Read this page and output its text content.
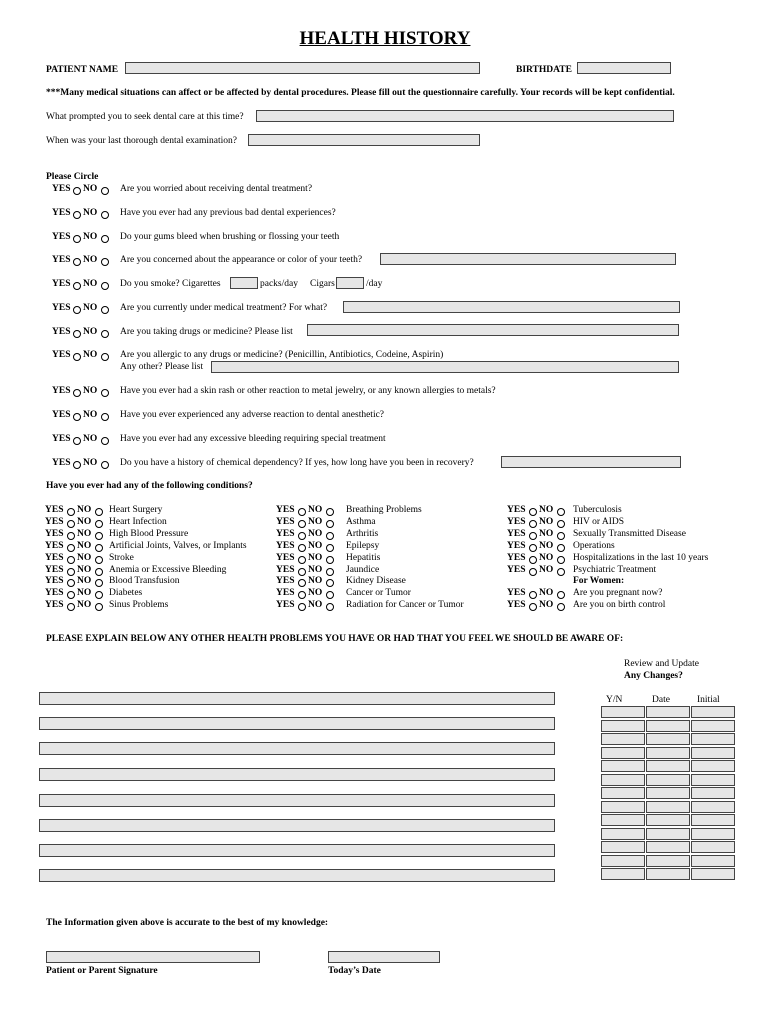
HEALTH HISTORY
PATIENT NAME	BIRTHDATE
***Many medical situations can affect or be affected by dental procedures. Please fill out the questionnaire carefully. Your records will be kept confidential.
What prompted you to seek dental care at this time?
When was your last thorough dental examination?
Please Circle
YES NO Are you worried about receiving dental treatment?
YES NO Have you ever had any previous bad dental experiences?
YES NO Do your gums bleed when brushing or flossing your teeth
YES NO Are you concerned about the appearance or color of your teeth?
YES NO Do you smoke? Cigarettes	packs/day Cigars	/day
YES NO Are you currently under medical treatment? For what?
YES NO Are you taking drugs or medicine? Please list
YES NO Are you allergic to any drugs or medicine? (Penicillin, Antibiotics, Codeine, Aspirin)
YES NO Have you ever had a skin rash or other reaction to metal jewelry, or any known allergies to metals?
YES NO Have you ever experienced any adverse reaction to dental anesthetic?
YES NO Have you ever had any excessive bleeding requiring special treatment
YES NO Do you have a history of chemical dependency? If yes, how long have you been in recovery?
Any other? Please list
Have you ever had any of the following conditions?
YES NO Heart Surgery
YES NO Heart Infection
YES NO High Blood Pressure
YES NO Artificial Joints, Valves, or Implants
YES NO Stroke
YES NO Anemia or Excessive Bleeding
YES NO Blood Transfusion
YES NO Diabetes
YES NO Sinus Problems
YES NO	Breathing Problems
YES NO	Asthma
YES NO	Arthritis
YES NO	Epilepsy
YES NO	Hepatitis
YES NO	Jaundice
YES NO	Kidney Disease
YES NO	Cancer or Tumor
YES NO	Radiation for Cancer or Tumor
YES NO Tuberculosis
YES NO HIV or AIDS
YES NO Sexually Transmitted Disease
YES NO Operations
YES NO Hospitalizations in the last 10 years
YES NO Psychiatric Treatment
For Women:
YES NO Are you pregnant now?
YES NO Are you on birth control
PLEASE EXPLAIN BELOW ANY OTHER HEALTH PROBLEMS YOU HAVE OR HAD THAT YOU FEEL WE SHOULD BE AWARE OF:
Review and Update
Any Changes?
Y/N	Date	Initial
The Information given above is accurate to the best of my knowledge:
Patient or Parent Signature	Today’s Date
